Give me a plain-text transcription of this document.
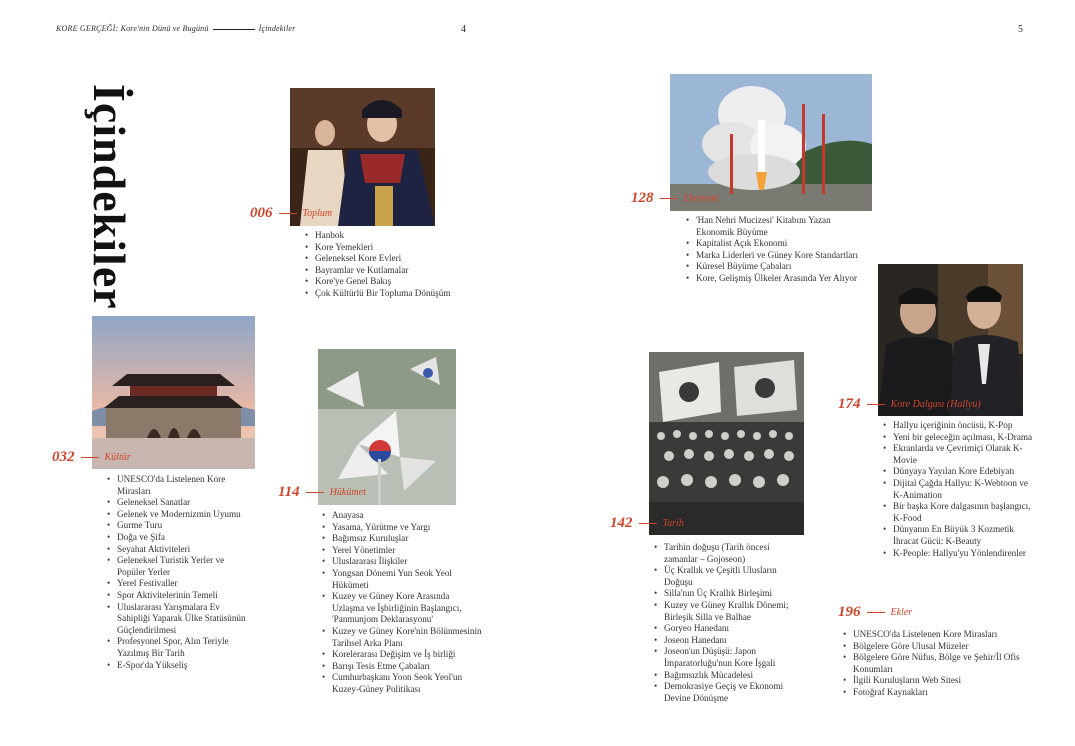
KORE GERÇEĞİ: Kore'nin Dünü ve Bugünü	İçindekiler	4	5
İçindekiler	006	Toplum
• Hanbok
• Kore Yemekleri
• Geleneksel Kore Evleri
• Bayramlar ve Kutlamalar
• Kore'ye Genel Bakış
• Çok Kültürlü Bir Topluma Dönüşüm
032	Kültür
• UNESCO'da Listelenen Kore Mirasları
• Geleneksel Sanatlar
• Gelenek ve Modernizmin Uyumu
• Gurme Turu
• Doğa ve Şifa
• Seyahat Aktiviteleri
• Geleneksel Turistik Yerler ve Popüler Yerler
• Yerel Festivaller
• Spor Aktivitelerinin Temeli
• Uluslararası Yarışmalara Ev Sahipliği Yaparak Ülke Statüsünün Güçlendirilmesi
• Profesyonel Spor, Alın Teriyle Yazılmış Bir Tarih
• E-Spor'da Yükseliş
114	Hükümet
• Anayasa
• Yasama, Yürütme ve Yargı
• Bağımsız Kuruluşlar
• Yerel Yönetimler
• Uluslararası İlişkiler
• Yongsan Dönemi Yun Seok Yeol Hükümeti
• Kuzey ve Güney Kore Arasında Uzlaşma ve İşbirliğinin Başlangıcı, 'Panmunjom Deklarasyonu'
• Kuzey ve Güney Kore'nin Bölünmesinin Tarihsel Arka Planı
• Korelerarası Değişim ve İş birliği
• Barışı Tesis Etme Çabaları
• Cumhurbaşkanı Yoon Seok Yeol'un Kuzey-Güney Politikası
128	Ekonomi
• 'Han Nehri Mucizesi' Kitabını Yazan Ekonomik Büyüme
• Kapitalist Açık Ekonomi
• Marka Liderleri ve Güney Kore Standartları
• Küresel Büyüme Çabaları
• Kore, Gelişmiş Ülkeler Arasında Yer Alıyor
142	Tarih
• Tarihin doğuşu (Tarih öncesi zamanlar – Gojoseon)
• Üç Krallık ve Çeşitli Ulusların Doğuşu
• Silla'nın Üç Krallık Birleşimi
• Kuzey ve Güney Krallık Dönemi; Birleşik Silla ve Balhae
• Goryeo Hanedanı
• Joseon Hanedanı
• Joseon'un Düşüşü: Japon İmparatorluğu'nun Kore İşgali
• Bağımsızlık Mücadelesi
• Demokrasiye Geçiş ve Ekonomi Devine Dönüşme
174	Kore Dalgası (Hallyu)
• Hallyu içeriğinin öncüsü, K-Pop
• Yeni bir geleceğin açılması, K-Drama
• Ekranlarda ve Çevrimiçi Olarak K-Movie
• Dünyaya Yayılan Kore Edebiyatı
• Dijital Çağda Hallyu: K-Webtoon ve K-Animation
• Bir başka Kore dalgasının başlangıcı, K-Food
• Dünyanın En Büyük 3 Kozmetik İhracat Gücü: K-Beauty
• K-People: Hallyu'yu Yönlendirenler
196	Ekler
• UNESCO'da Listelenen Kore Mirasları
• Bölgelere Göre Ulusal Müzeler
• Bölgelere Göre Nüfus, Bölge ve Şehir/İl Ofis Konumları
• İlgili Kuruluşların Web Sitesi
• Fotoğraf Kaynakları
